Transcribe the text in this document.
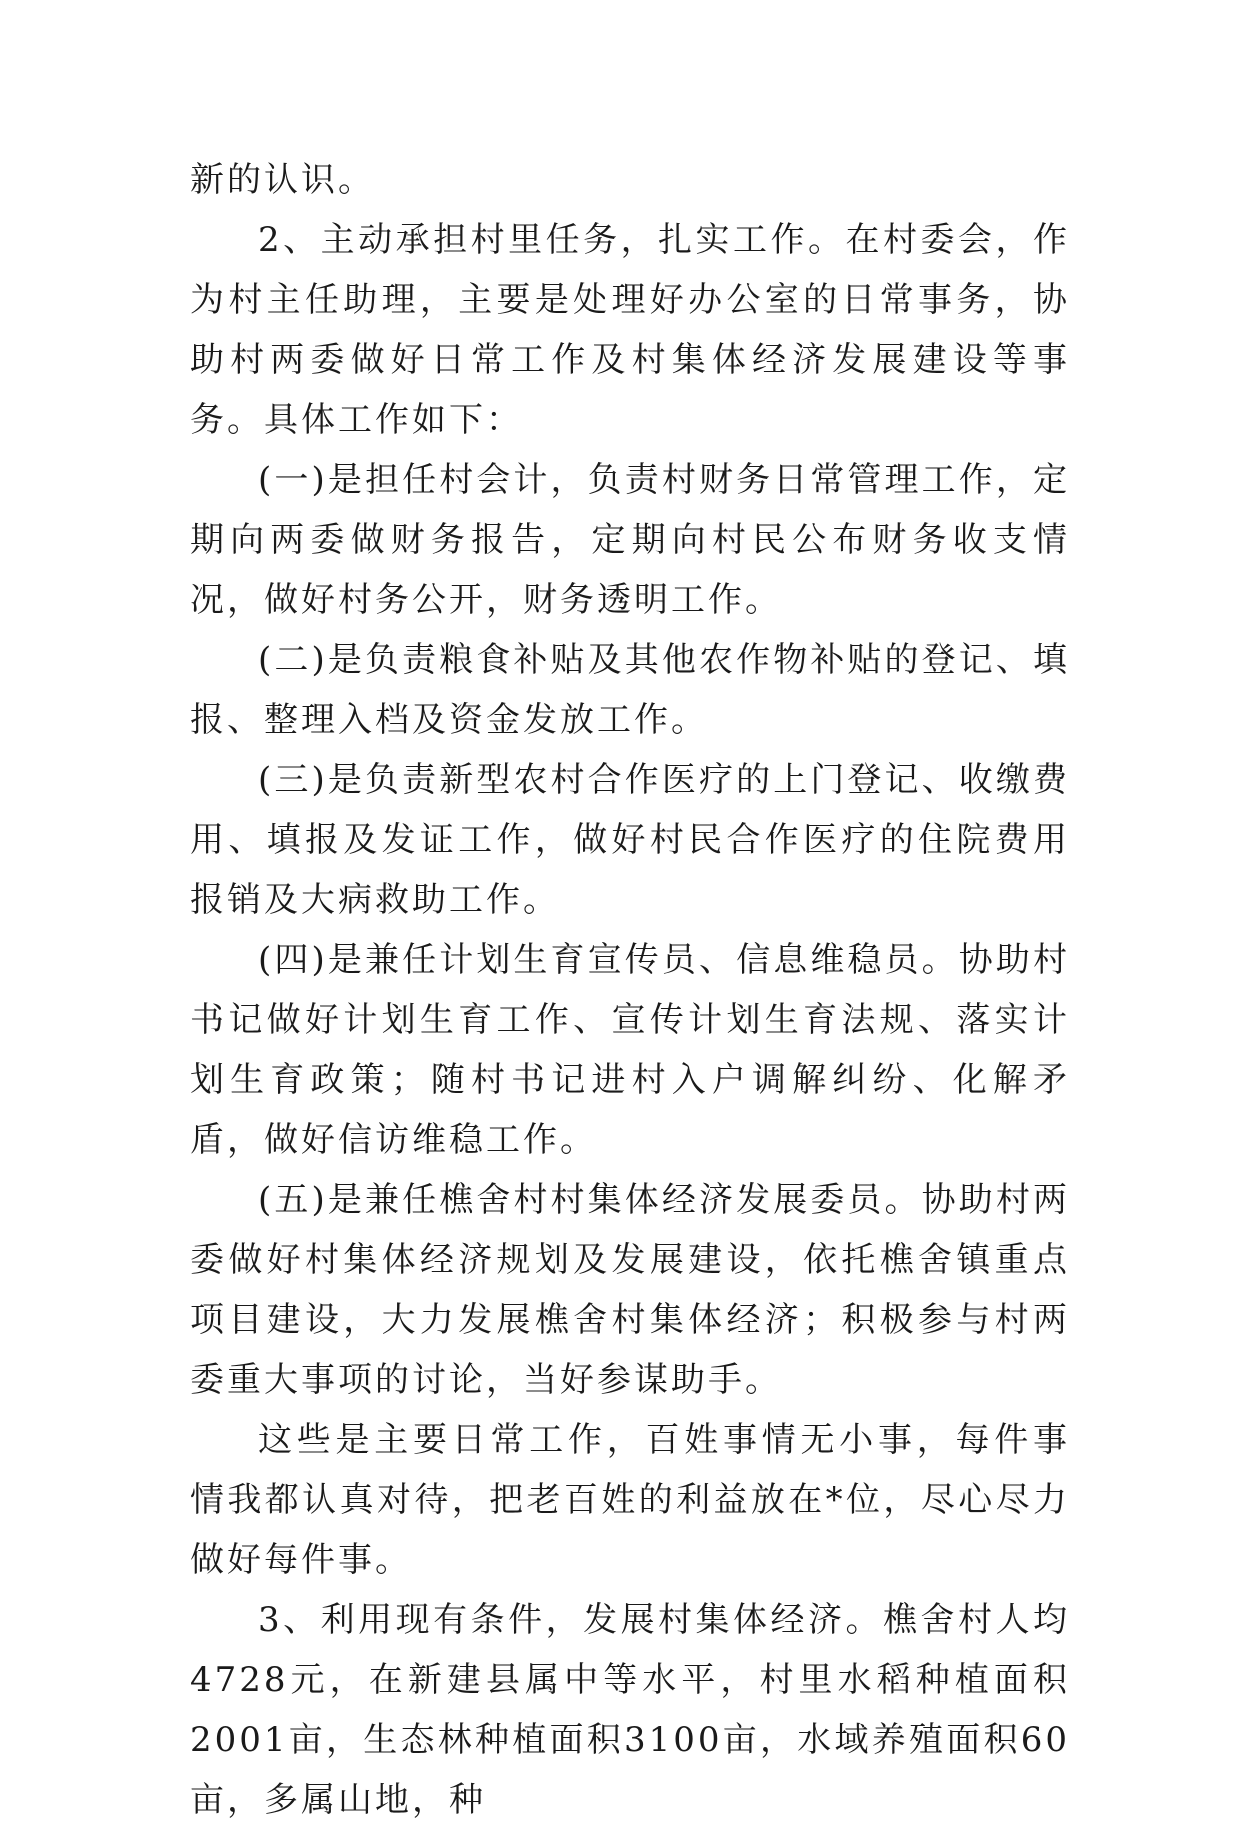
新的认识。

2、主动承担村里任务，扎实工作。在村委会，作为村主任助理，主要是处理好办公室的日常事务，协助村两委做好日常工作及村集体经济发展建设等事务。具体工作如下：

(一)是担任村会计，负责村财务日常管理工作，定期向两委做财务报告，定期向村民公布财务收支情况，做好村务公开，财务透明工作。

(二)是负责粮食补贴及其他农作物补贴的登记、填报、整理入档及资金发放工作。

(三)是负责新型农村合作医疗的上门登记、收缴费用、填报及发证工作，做好村民合作医疗的住院费用报销及大病救助工作。

(四)是兼任计划生育宣传员、信息维稳员。协助村书记做好计划生育工作、宣传计划生育法规、落实计划生育政策；随村书记进村入户调解纠纷、化解矛盾，做好信访维稳工作。

(五)是兼任樵舍村村集体经济发展委员。协助村两委做好村集体经济规划及发展建设，依托樵舍镇重点项目建设，大力发展樵舍村集体经济；积极参与村两委重大事项的讨论，当好参谋助手。

这些是主要日常工作，百姓事情无小事，每件事情我都认真对待，把老百姓的利益放在*位，尽心尽力做好每件事。

3、利用现有条件，发展村集体经济。樵舍村人均4728元，在新建县属中等水平，村里水稻种植面积2001亩，生态林种植面积3100亩，水域养殖面积60亩，多属山地，种
